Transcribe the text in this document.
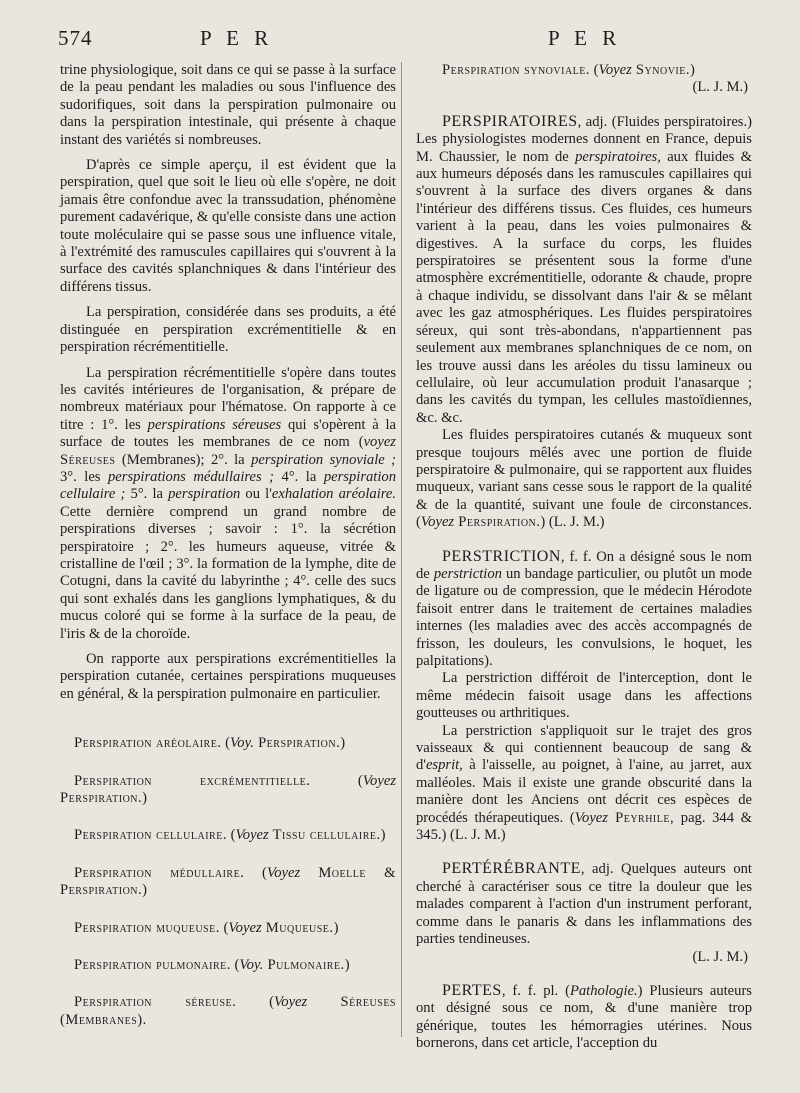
574	P E R	P E R

trine physiologique, soit dans ce qui se passe à la surface de la peau pendant les maladies ou sous l'influence des sudorifiques, soit dans la perspiration pulmonaire ou dans la perspiration intestinale, qui présente à chaque instant des variétés si nombreuses.

D'après ce simple aperçu, il est évident que la perspiration, quel que soit le lieu où elle s'opère, ne doit jamais être confondue avec la transsudation, phénomène purement cadavérique, & qu'elle consiste dans une action toute moléculaire qui se passe sous une influence vitale, à l'extrémité des ramuscules capillaires qui s'ouvrent à la surface des cavités splanchniques & dans l'intérieur des différens tissus.

La perspiration, considérée dans ses produits, a été distinguée en perspiration excrémentitielle & en perspiration récrémentitielle.

La perspiration récrémentitielle s'opère dans toutes les cavités intérieures de l'organisation, & prépare de nombreux matériaux pour l'hématose. On rapporte à ce titre : 1°. les perspirations séreuses qui s'opèrent à la surface de toutes les membranes de ce nom (voyez Séreuses (Membranes); 2°. la perspiration synoviale ; 3°. les perspirations médullaires ; 4°. la perspiration cellulaire ; 5°. la perspiration ou l'exhalation aréolaire. Cette dernière comprend un grand nombre de perspirations diverses ; savoir : 1°. la sécrétion perspiratoire ; 2°. les humeurs aqueuse, vitrée & cristalline de l'œil ; 3°. la formation de la lymphe, dite de Cotugni, dans la cavité du labyrinthe ; 4°. celle des sucs qui sont exhalés dans les ganglions lymphatiques, & du mucus coloré qui se forme à la surface de la peau, de l'iris & de la choroïde.

On rapporte aux perspirations excrémentitielles la perspiration cutanée, certaines perspirations muqueuses en général, & la perspiration pulmonaire en particulier.

Perspiration aréolaire. (Voy. Perspiration.)

Perspiration excrémentitielle. (Voyez Perspiration.)

Perspiration cellulaire. (Voyez Tissu cellulaire.)

Perspiration médullaire. (Voyez Moelle & Perspiration.)

Perspiration muqueuse. (Voyez Muqueuse.)

Perspiration pulmonaire. (Voy. Pulmonaire.)

Perspiration séreuse. (Voyez Séreuses (Membranes).

Perspiration synoviale. (Voyez Synovie.)

(L. J. M.)

PERSPIRATOIRES, adj. (Fluides perspiratoires.) Les physiologistes modernes donnent en France, depuis M. Chaussier, le nom de perspiratoires, aux fluides & aux humeurs déposés dans les ramuscules capillaires qui s'ouvrent à la surface des divers organes & dans l'intérieur des différens tissus. Ces fluides, ces humeurs varient à la peau, dans les voies pulmonaires & digestives. A la surface du corps, les fluides perspiratoires se présentent sous la forme d'une atmosphère excrémentitielle, odorante & chaude, propre à chaque individu, se dissolvant dans l'air & se mêlant avec les gaz atmosphériques. Les fluides perspiratoires séreux, qui sont très-abondans, n'appartiennent pas seulement aux membranes splanchniques de ce nom, on les trouve aussi dans les aréoles du tissu lamineux ou cellulaire, où leur accumulation produit l'anasarque ; dans les cavités du tympan, les cellules mastoïdiennes, &c. &c.

Les fluides perspiratoires cutanés & muqueux sont presque toujours mêlés avec une portion de fluide perspiratoire & pulmonaire, qui se rapportent aux fluides muqueux, variant sans cesse sous le rapport de la qualité & de la quantité, suivant une foule de circonstances. (Voyez Perspiration.) (L. J. M.)

PERSTRICTION, f. f. On a désigné sous le nom de perstriction un bandage particulier, ou plutôt un mode de ligature ou de compression, que le médecin Hérodote faisoit entrer dans le traitement de certaines maladies internes (les maladies avec des accès accompagnés de frisson, les douleurs, les convulsions, le hoquet, les palpitations).

La perstriction différoit de l'interception, dont le même médecin faisoit usage dans les affections goutteuses ou arthritiques.

La perstriction s'appliquoit sur le trajet des gros vaisseaux & qui contiennent beaucoup de sang & d'esprit, à l'aisselle, au poignet, à l'aine, au jarret, aux malléoles. Mais il existe une grande obscurité dans la manière dont les Anciens ont décrit ces espèces de procédés thérapeutiques. (Voyez Peyrhile, pag. 344 & 345.) (L. J. M.)

PERTÉRÉBRANTE, adj. Quelques auteurs ont cherché à caractériser sous ce titre la douleur que les malades comparent à l'action d'un instrument perforant, comme dans le panaris & dans les inflammations des parties tendineuses.

(L. J. M.)

PERTES, f. f. pl. (Pathologie.) Plusieurs auteurs ont désigné sous ce nom, & d'une manière trop générique, toutes les hémorragies utérines. Nous bornerons, dans cet article, l'acception du
